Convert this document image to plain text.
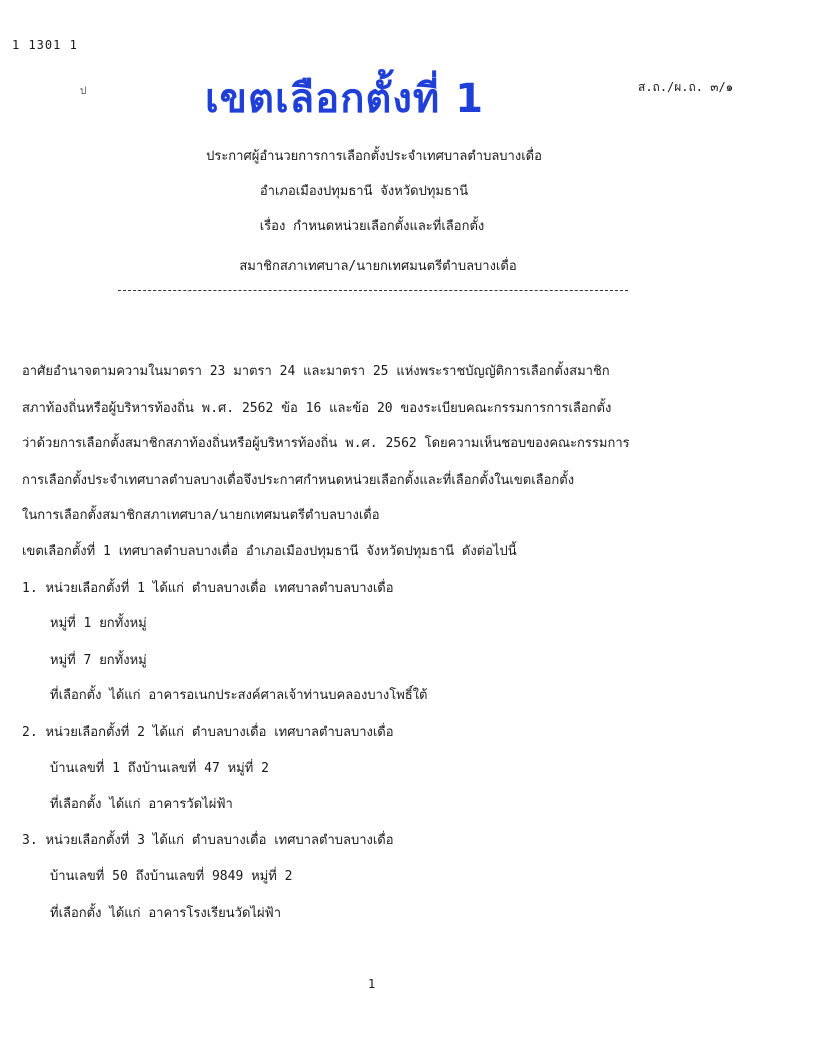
1 1301 1
ป	เขตเลือกตั้งที่ 1	ส.ถ./ผ.ถ. ๓/๑
ประกาศผู้อำนวยการการเลือกตั้งประจำเทศบาลตำบลบางเดื่อ
อำเภอเมืองปทุมธานี จังหวัดปทุมธานี
เรื่อง กำหนดหน่วยเลือกตั้งและที่เลือกตั้ง
สมาชิกสภาเทศบาล/นายกเทศมนตรีตำบลบางเดื่อ
อาศัยอำนาจตามความในมาตรา 23 มาตรา 24 และมาตรา 25 แห่งพระราชบัญญัติการเลือกตั้งสมาชิก
สภาท้องถิ่นหรือผู้บริหารท้องถิ่น พ.ศ. 2562 ข้อ 16 และข้อ 20 ของระเบียบคณะกรรมการการเลือกตั้ง
ว่าด้วยการเลือกตั้งสมาชิกสภาท้องถิ่นหรือผู้บริหารท้องถิ่น พ.ศ. 2562 โดยความเห็นชอบของคณะกรรมการ
การเลือกตั้งประจำเทศบาลตำบลบางเดื่อจึงประกาศกำหนดหน่วยเลือกตั้งและที่เลือกตั้งในเขตเลือกตั้ง
ในการเลือกตั้งสมาชิกสภาเทศบาล/นายกเทศมนตรีตำบลบางเดื่อ
เขตเลือกตั้งที่ 1 เทศบาลตำบลบางเดื่อ อำเภอเมืองปทุมธานี จังหวัดปทุมธานี ดังต่อไปนี้
1. หน่วยเลือกตั้งที่ 1 ได้แก่ ตำบลบางเดื่อ เทศบาลตำบลบางเดื่อ
หมู่ที่ 1 ยกทั้งหมู่
หมู่ที่ 7 ยกทั้งหมู่
ที่เลือกตั้ง ได้แก่ อาคารอเนกประสงค์ศาลเจ้าท่านบคลองบางโพธิ์ใต้
2. หน่วยเลือกตั้งที่ 2 ได้แก่ ตำบลบางเดื่อ เทศบาลตำบลบางเดื่อ
บ้านเลขที่ 1 ถึงบ้านเลขที่ 47 หมู่ที่ 2
ที่เลือกตั้ง ได้แก่ อาคารวัดไผ่ฟ้า
3. หน่วยเลือกตั้งที่ 3 ได้แก่ ตำบลบางเดื่อ เทศบาลตำบลบางเดื่อ
บ้านเลขที่ 50 ถึงบ้านเลขที่ 9849 หมู่ที่ 2
ที่เลือกตั้ง ได้แก่ อาคารโรงเรียนวัดไผ่ฟ้า
1
